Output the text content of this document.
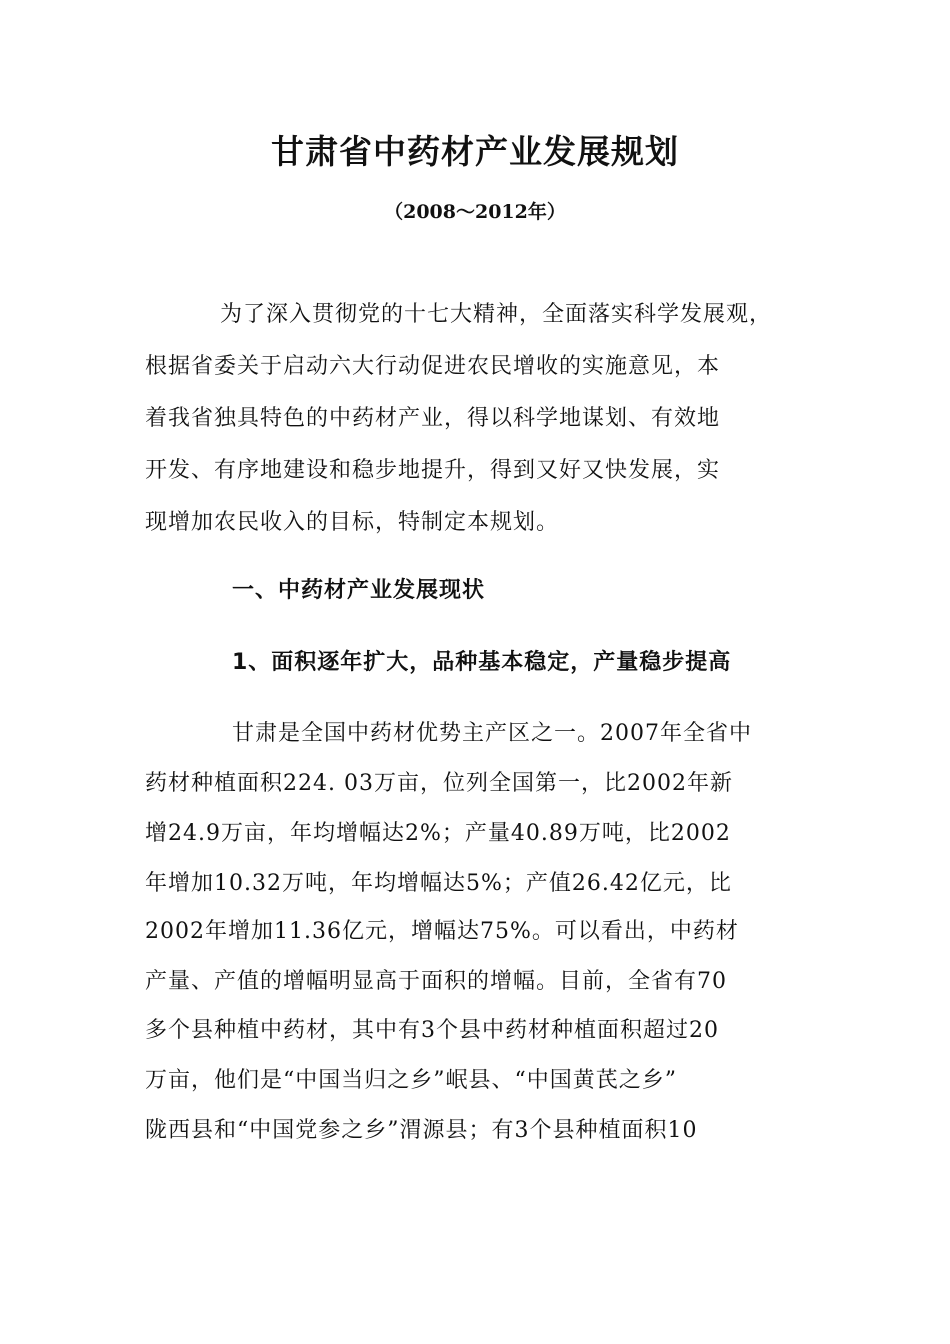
甘肃省中药材产业发展规划
（2008～2012年）
为了深入贯彻党的十七大精神，全面落实科学发展观，
根据省委关于启动六大行动促进农民增收的实施意见，本
着我省独具特色的中药材产业，得以科学地谋划、有效地
开发、有序地建设和稳步地提升，得到又好又快发展，实
现增加农民收入的目标，特制定本规划。
一、中药材产业发展现状
1、面积逐年扩大，品种基本稳定，产量稳步提高
甘肃是全国中药材优势主产区之一。2007年全省中
药材种植面积224. 03万亩，位列全国第一，比2002年新
增24.9万亩，年均增幅达2%；产量40.89万吨，比2002
年增加10.32万吨，年均增幅达5%；产值26.42亿元，比
2002年增加11.36亿元，增幅达75%。可以看出，中药材
产量、产值的增幅明显高于面积的增幅。目前，全省有70
多个县种植中药材，其中有3个县中药材种植面积超过20
万亩，他们是“中国当归之乡”岷县、“中国黄芪之乡”
陇西县和“中国党参之乡”渭源县；有3个县种植面积10
